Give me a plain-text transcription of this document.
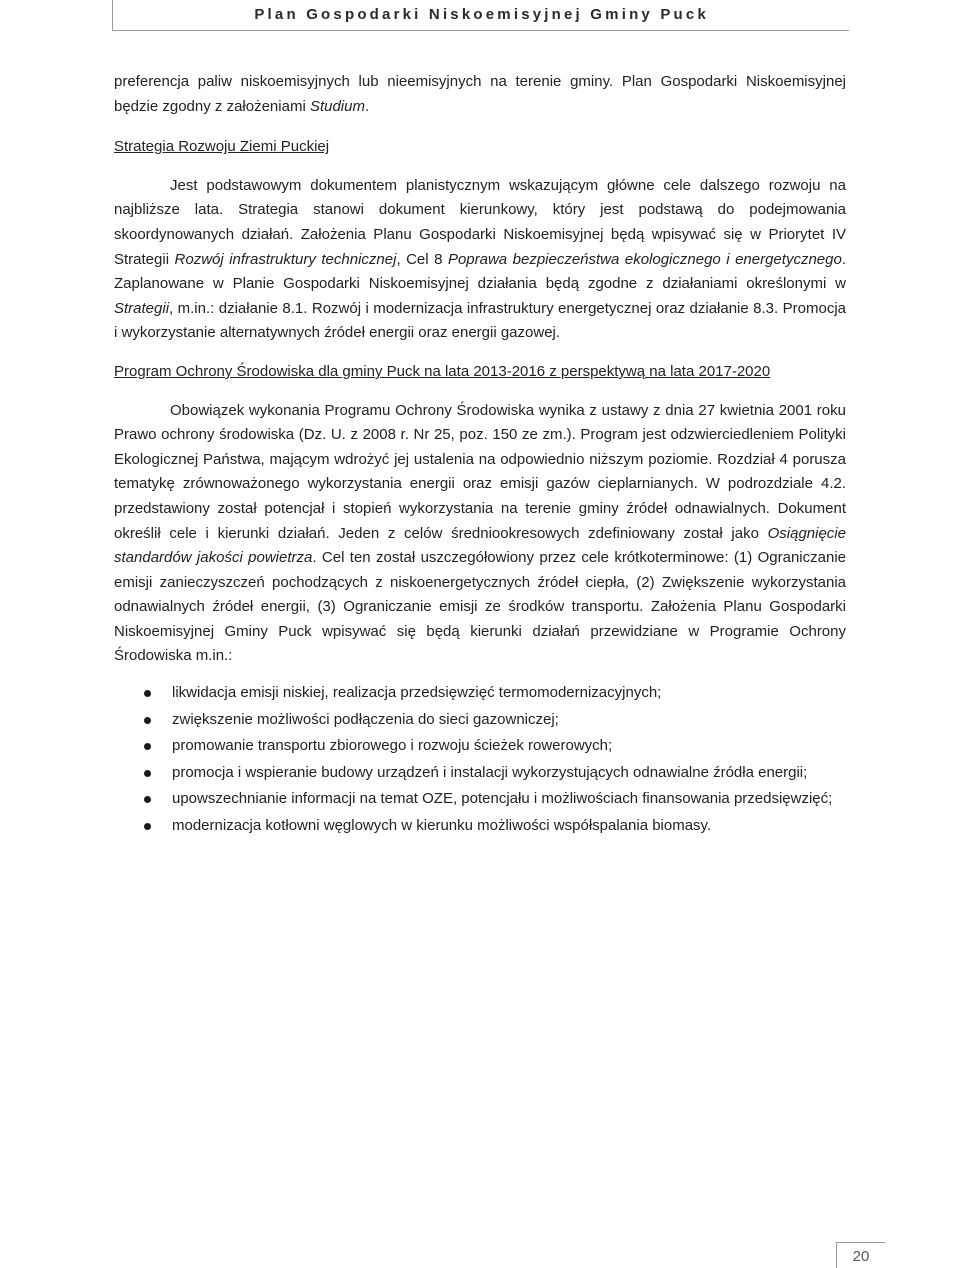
Plan Gospodarki Niskoemisyjnej Gminy Puck

preferencja paliw niskoemisyjnych lub nieemisyjnych na terenie gminy. Plan Gospodarki Niskoemisyjnej będzie zgodny z założeniami Studium.

Strategia Rozwoju Ziemi Puckiej

Jest podstawowym dokumentem planistycznym wskazującym główne cele dalszego rozwoju na najbliższe lata. Strategia stanowi dokument kierunkowy, który jest podstawą do podejmowania skoordynowanych działań. Założenia Planu Gospodarki Niskoemisyjnej będą wpisywać się w Priorytet IV Strategii Rozwój infrastruktury technicznej, Cel 8 Poprawa bezpieczeństwa ekologicznego i energetycznego. Zaplanowane w Planie Gospodarki Niskoemisyjnej działania będą zgodne z działaniami określonymi w Strategii, m.in.: działanie 8.1. Rozwój i modernizacja infrastruktury energetycznej oraz działanie 8.3. Promocja i wykorzystanie alternatywnych źródeł energii oraz energii gazowej.

Program Ochrony Środowiska dla gminy Puck na lata 2013-2016 z perspektywą na lata 2017-2020

Obowiązek wykonania Programu Ochrony Środowiska wynika z ustawy z dnia 27 kwietnia 2001 roku Prawo ochrony środowiska (Dz. U. z 2008 r. Nr 25, poz. 150 ze zm.). Program jest odzwierciedleniem Polityki Ekologicznej Państwa, mającym wdrożyć jej ustalenia na odpowiednio niższym poziomie. Rozdział 4 porusza tematykę zrównoważonego wykorzystania energii oraz emisji gazów cieplarnianych. W podrozdziale 4.2. przedstawiony został potencjał i stopień wykorzystania na terenie gminy źródeł odnawialnych. Dokument określił cele i kierunki działań. Jeden z celów średniookresowych zdefiniowany został jako Osiągnięcie standardów jakości powietrza. Cel ten został uszczegółowiony przez cele krótkoterminowe: (1) Ograniczanie emisji zanieczyszczeń pochodzących z niskoenergetycznych źródeł ciepła, (2) Zwiększenie wykorzystania odnawialnych źródeł energii, (3) Ograniczanie emisji ze środków transportu. Założenia Planu Gospodarki Niskoemisyjnej Gminy Puck wpisywać się będą kierunki działań przewidziane w Programie Ochrony Środowiska m.in.:

likwidacja emisji niskiej, realizacja przedsięwzięć termomodernizacyjnych;
zwiększenie możliwości podłączenia do sieci gazowniczej;
promowanie transportu zbiorowego i rozwoju ścieżek rowerowych;
promocja i wspieranie budowy urządzeń i instalacji wykorzystujących odnawialne źródła energii;
upowszechnianie informacji na temat OZE, potencjału i możliwościach finansowania przedsięwzięć;
modernizacja kotłowni węglowych w kierunku możliwości współspalania biomasy.
20
